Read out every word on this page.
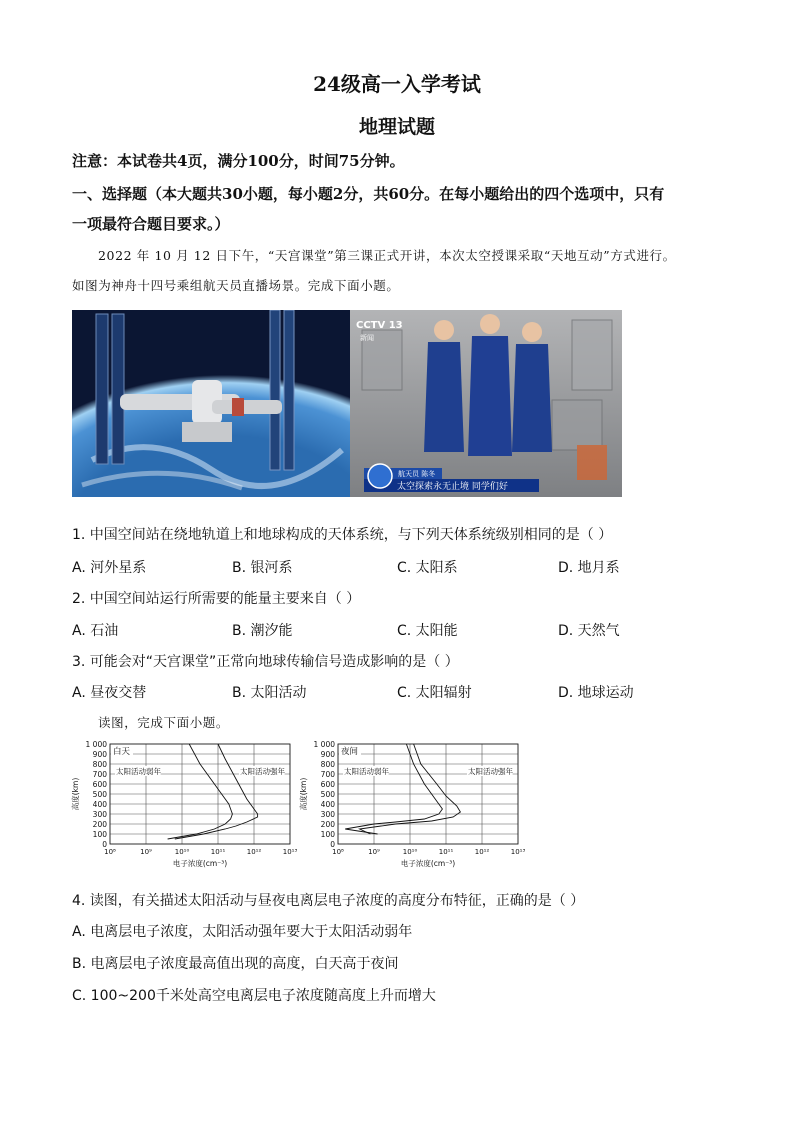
24级高一入学考试
地理试题
注意：本试卷共4页，满分100分，时间75分钟。
一、选择题（本大题共30小题，每小题2分，共60分。在每小题给出的四个选项中，只有
一项最符合题目要求。）
2022 年 10 月 12 日下午，“天宫课堂”第三课正式开讲，本次太空授课采取“天地互动”方式进行。
如图为神舟十四号乘组航天员直播场景。完成下面小题。
CCTV 13
新闻
航天员 陈冬
太空探索永无止境 同学们好
1. 中国空间站在绕地轨道上和地球构成的天体系统，与下列天体系统级别相同的是（ ）
A. 河外星系	B. 银河系	C. 太阳系	D. 地月系
2. 中国空间站运行所需要的能量主要来自（ ）
A. 石油	B. 潮汐能	C. 太阳能	D. 天然气
3. 可能会对“天宫课堂”正常向地球传输信号造成影响的是（ ）
A. 昼夜交替	B. 太阳活动	C. 太阳辐射	D. 地球运动
读图，完成下面小题。
0
100
200
300
400
500
600
700
800
900
1 000
10⁸	10⁹	10¹⁰	10¹¹	10¹²	10¹³
电子浓度(cm⁻³)
高度(km)
白天
太阳活动弱年	太阳活动强年
0
100
200
300
400
500
600
700
800
900
1 000
10⁸	10⁹	10¹⁰	10¹¹	10¹²	10¹³
电子浓度(cm⁻³)
高度(km)
夜间
太阳活动弱年	太阳活动强年
4. 读图，有关描述太阳活动与昼夜电离层电子浓度的高度分布特征，正确的是（ ）
A. 电离层电子浓度，太阳活动强年要大于太阳活动弱年
B. 电离层电子浓度最高值出现的高度，白天高于夜间
C. 100~200千米处高空电离层电子浓度随高度上升而增大
